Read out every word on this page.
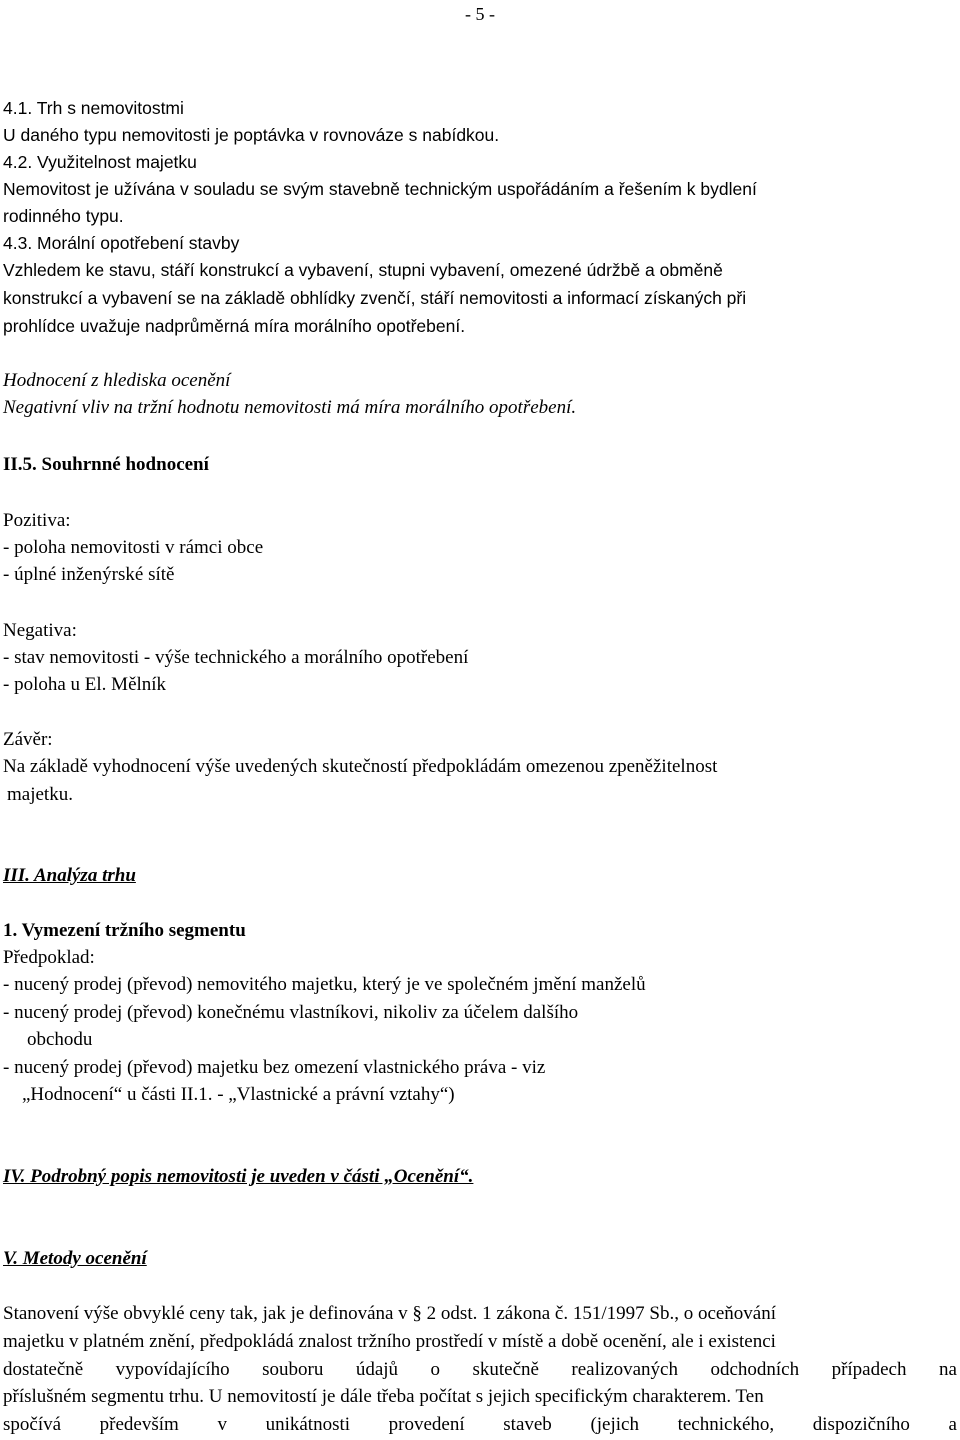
- 5 -
4.1. Trh s nemovitostmi
U daného typu nemovitosti je poptávka v rovnováze s nabídkou.
4.2. Využitelnost majetku
Nemovitost je užívána v souladu se svým stavebně technickým uspořádáním a řešením k bydlení
rodinného typu.
4.3. Morální opotřebení stavby
Vzhledem ke stavu, stáří konstrukcí a vybavení, stupni vybavení, omezené údržbě a obměně
konstrukcí a vybavení se na základě obhlídky zvenčí, stáří nemovitosti a informací získaných při
prohlídce uvažuje nadprůměrná míra morálního opotřebení.
Hodnocení z hlediska ocenění
Negativní vliv na tržní hodnotu nemovitosti má míra morálního opotřebení.
II.5. Souhrnné hodnocení
Pozitiva:
- poloha nemovitosti v rámci obce
- úplné inženýrské sítě
Negativa:
- stav nemovitosti - výše technického a morálního opotřebení
- poloha u El. Mělník
Závěr:
Na základě vyhodnocení výše uvedených skutečností předpokládám omezenou zpeněžitelnost
majetku.
III. Analýza trhu
1. Vymezení tržního segmentu
Předpoklad:
- nucený prodej (převod) nemovitého majetku, který je ve společném jmění manželů
- nucený prodej (převod) konečnému vlastníkovi, nikoliv za účelem dalšího
obchodu
- nucený prodej (převod) majetku bez omezení vlastnického práva - viz
„Hodnocení“ u části II.1. - „Vlastnické a právní vztahy“)
IV. Podrobný popis nemovitosti je uveden v části „Ocenění“.
V. Metody ocenění
Stanovení výše obvyklé ceny tak, jak je definována v § 2 odst. 1 zákona č. 151/1997 Sb., o oceňování
majetku v platném znění, předpokládá znalost tržního prostředí v místě a době ocenění, ale i existenci
dostatečně vypovídajícího souboru údajů o skutečně realizovaných odchodních případech na
příslušném segmentu trhu. U nemovitostí je dále třeba počítat s jejich specifickým charakterem. Ten
spočívá především v unikátnosti provedení staveb (jejich technického, dispozičního a
